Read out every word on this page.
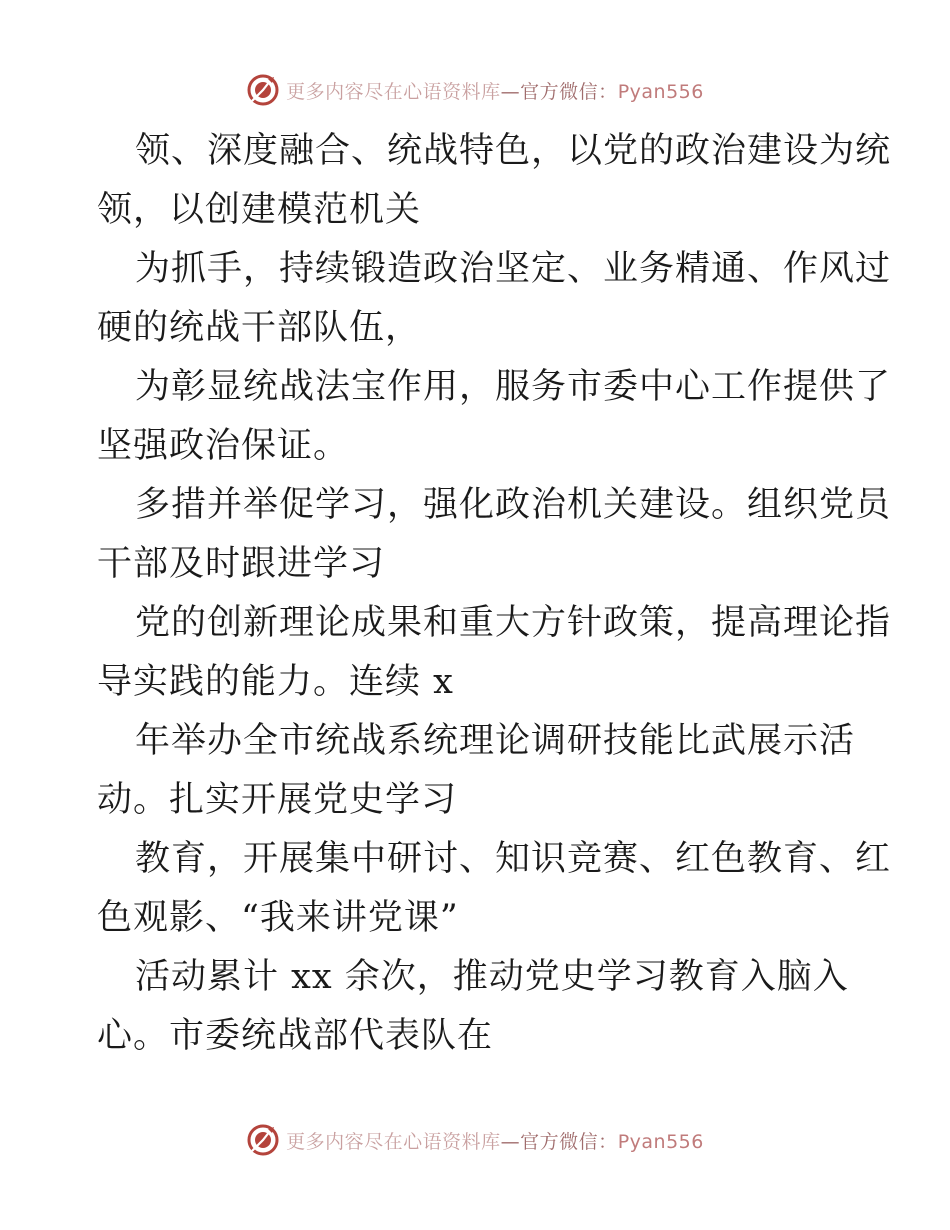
更多内容尽在心语资料库—官方微信：Pyan556
领、深度融合、统战特色，以党的政治建设为统
领，以创建模范机关
为抓手，持续锻造政治坚定、业务精通、作风过
硬的统战干部队伍，
为彰显统战法宝作用，服务市委中心工作提供了
坚强政治保证。
多措并举促学习，强化政治机关建设。组织党员
干部及时跟进学习
党的创新理论成果和重大方针政策，提高理论指
导实践的能力。连续 x
年举办全市统战系统理论调研技能比武展示活
动。扎实开展党史学习
教育，开展集中研讨、知识竞赛、红色教育、红
色观影、“我来讲党课”
活动累计 xx 余次，推动党史学习教育入脑入
心。市委统战部代表队在
更多内容尽在心语资料库—官方微信：Pyan556
